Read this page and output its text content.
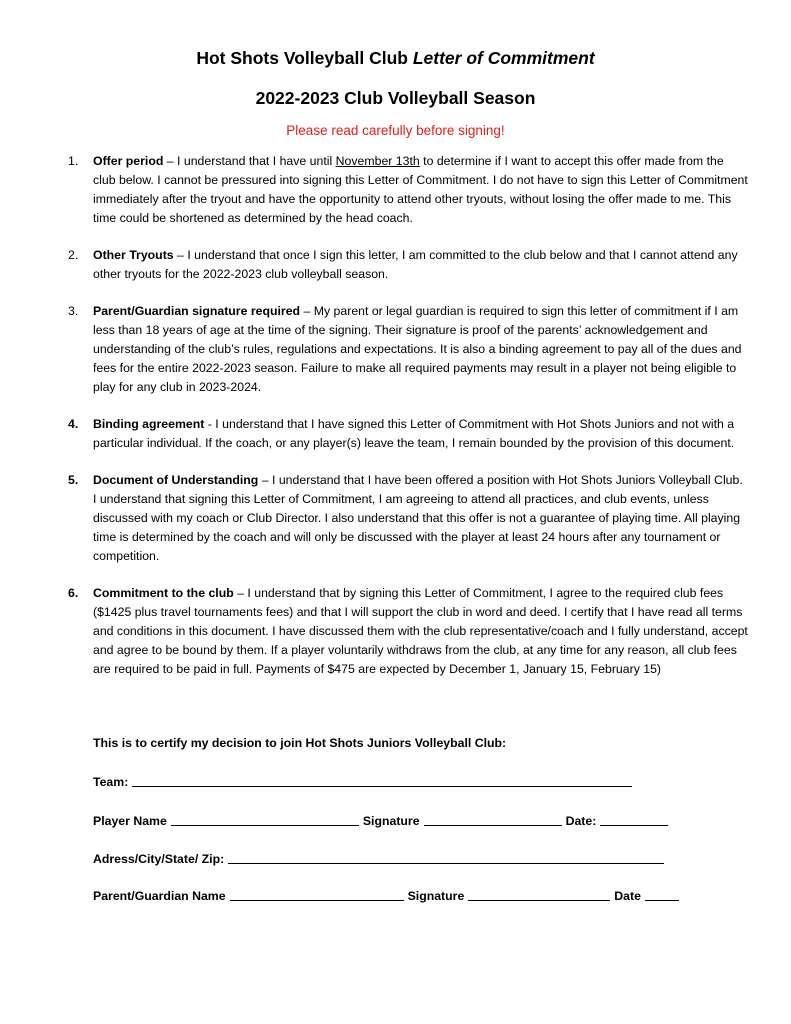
Hot Shots Volleyball Club Letter of Commitment
2022-2023 Club Volleyball Season
Please read carefully before signing!
1. Offer period – I understand that I have until November 13th to determine if I want to accept this offer made from the club below. I cannot be pressured into signing this Letter of Commitment. I do not have to sign this Letter of Commitment immediately after the tryout and have the opportunity to attend other tryouts, without losing the offer made to me. This time could be shortened as determined by the head coach.
2. Other Tryouts – I understand that once I sign this letter, I am committed to the club below and that I cannot attend any other tryouts for the 2022-2023 club volleyball season.
3. Parent/Guardian signature required – My parent or legal guardian is required to sign this letter of commitment if I am less than 18 years of age at the time of the signing. Their signature is proof of the parents’ acknowledgement and understanding of the club’s rules, regulations and expectations. It is also a binding agreement to pay all of the dues and fees for the entire 2022-2023 season. Failure to make all required payments may result in a player not being eligible to play for any club in 2023-2024.
4. Binding agreement - I understand that I have signed this Letter of Commitment with Hot Shots Juniors and not with a particular individual. If the coach, or any player(s) leave the team, I remain bounded by the provision of this document.
5. Document of Understanding – I understand that I have been offered a position with Hot Shots Juniors Volleyball Club. I understand that signing this Letter of Commitment, I am agreeing to attend all practices, and club events, unless discussed with my coach or Club Director. I also understand that this offer is not a guarantee of playing time. All playing time is determined by the coach and will only be discussed with the player at least 24 hours after any tournament or competition.
6. Commitment to the club – I understand that by signing this Letter of Commitment, I agree to the required club fees ($1425 plus travel tournaments fees) and that I will support the club in word and deed. I certify that I have read all terms and conditions in this document. I have discussed them with the club representative/coach and I fully understand, accept and agree to be bound by them. If a player voluntarily withdraws from the club, at any time for any reason, all club fees are required to be paid in full. Payments of $475 are expected by December 1, January 15, February 15)
This is to certify my decision to join Hot Shots Juniors Volleyball Club:
Team:
Player Name	Signature	Date:
Adress/City/State/ Zip:
Parent/Guardian Name	Signature	Date
